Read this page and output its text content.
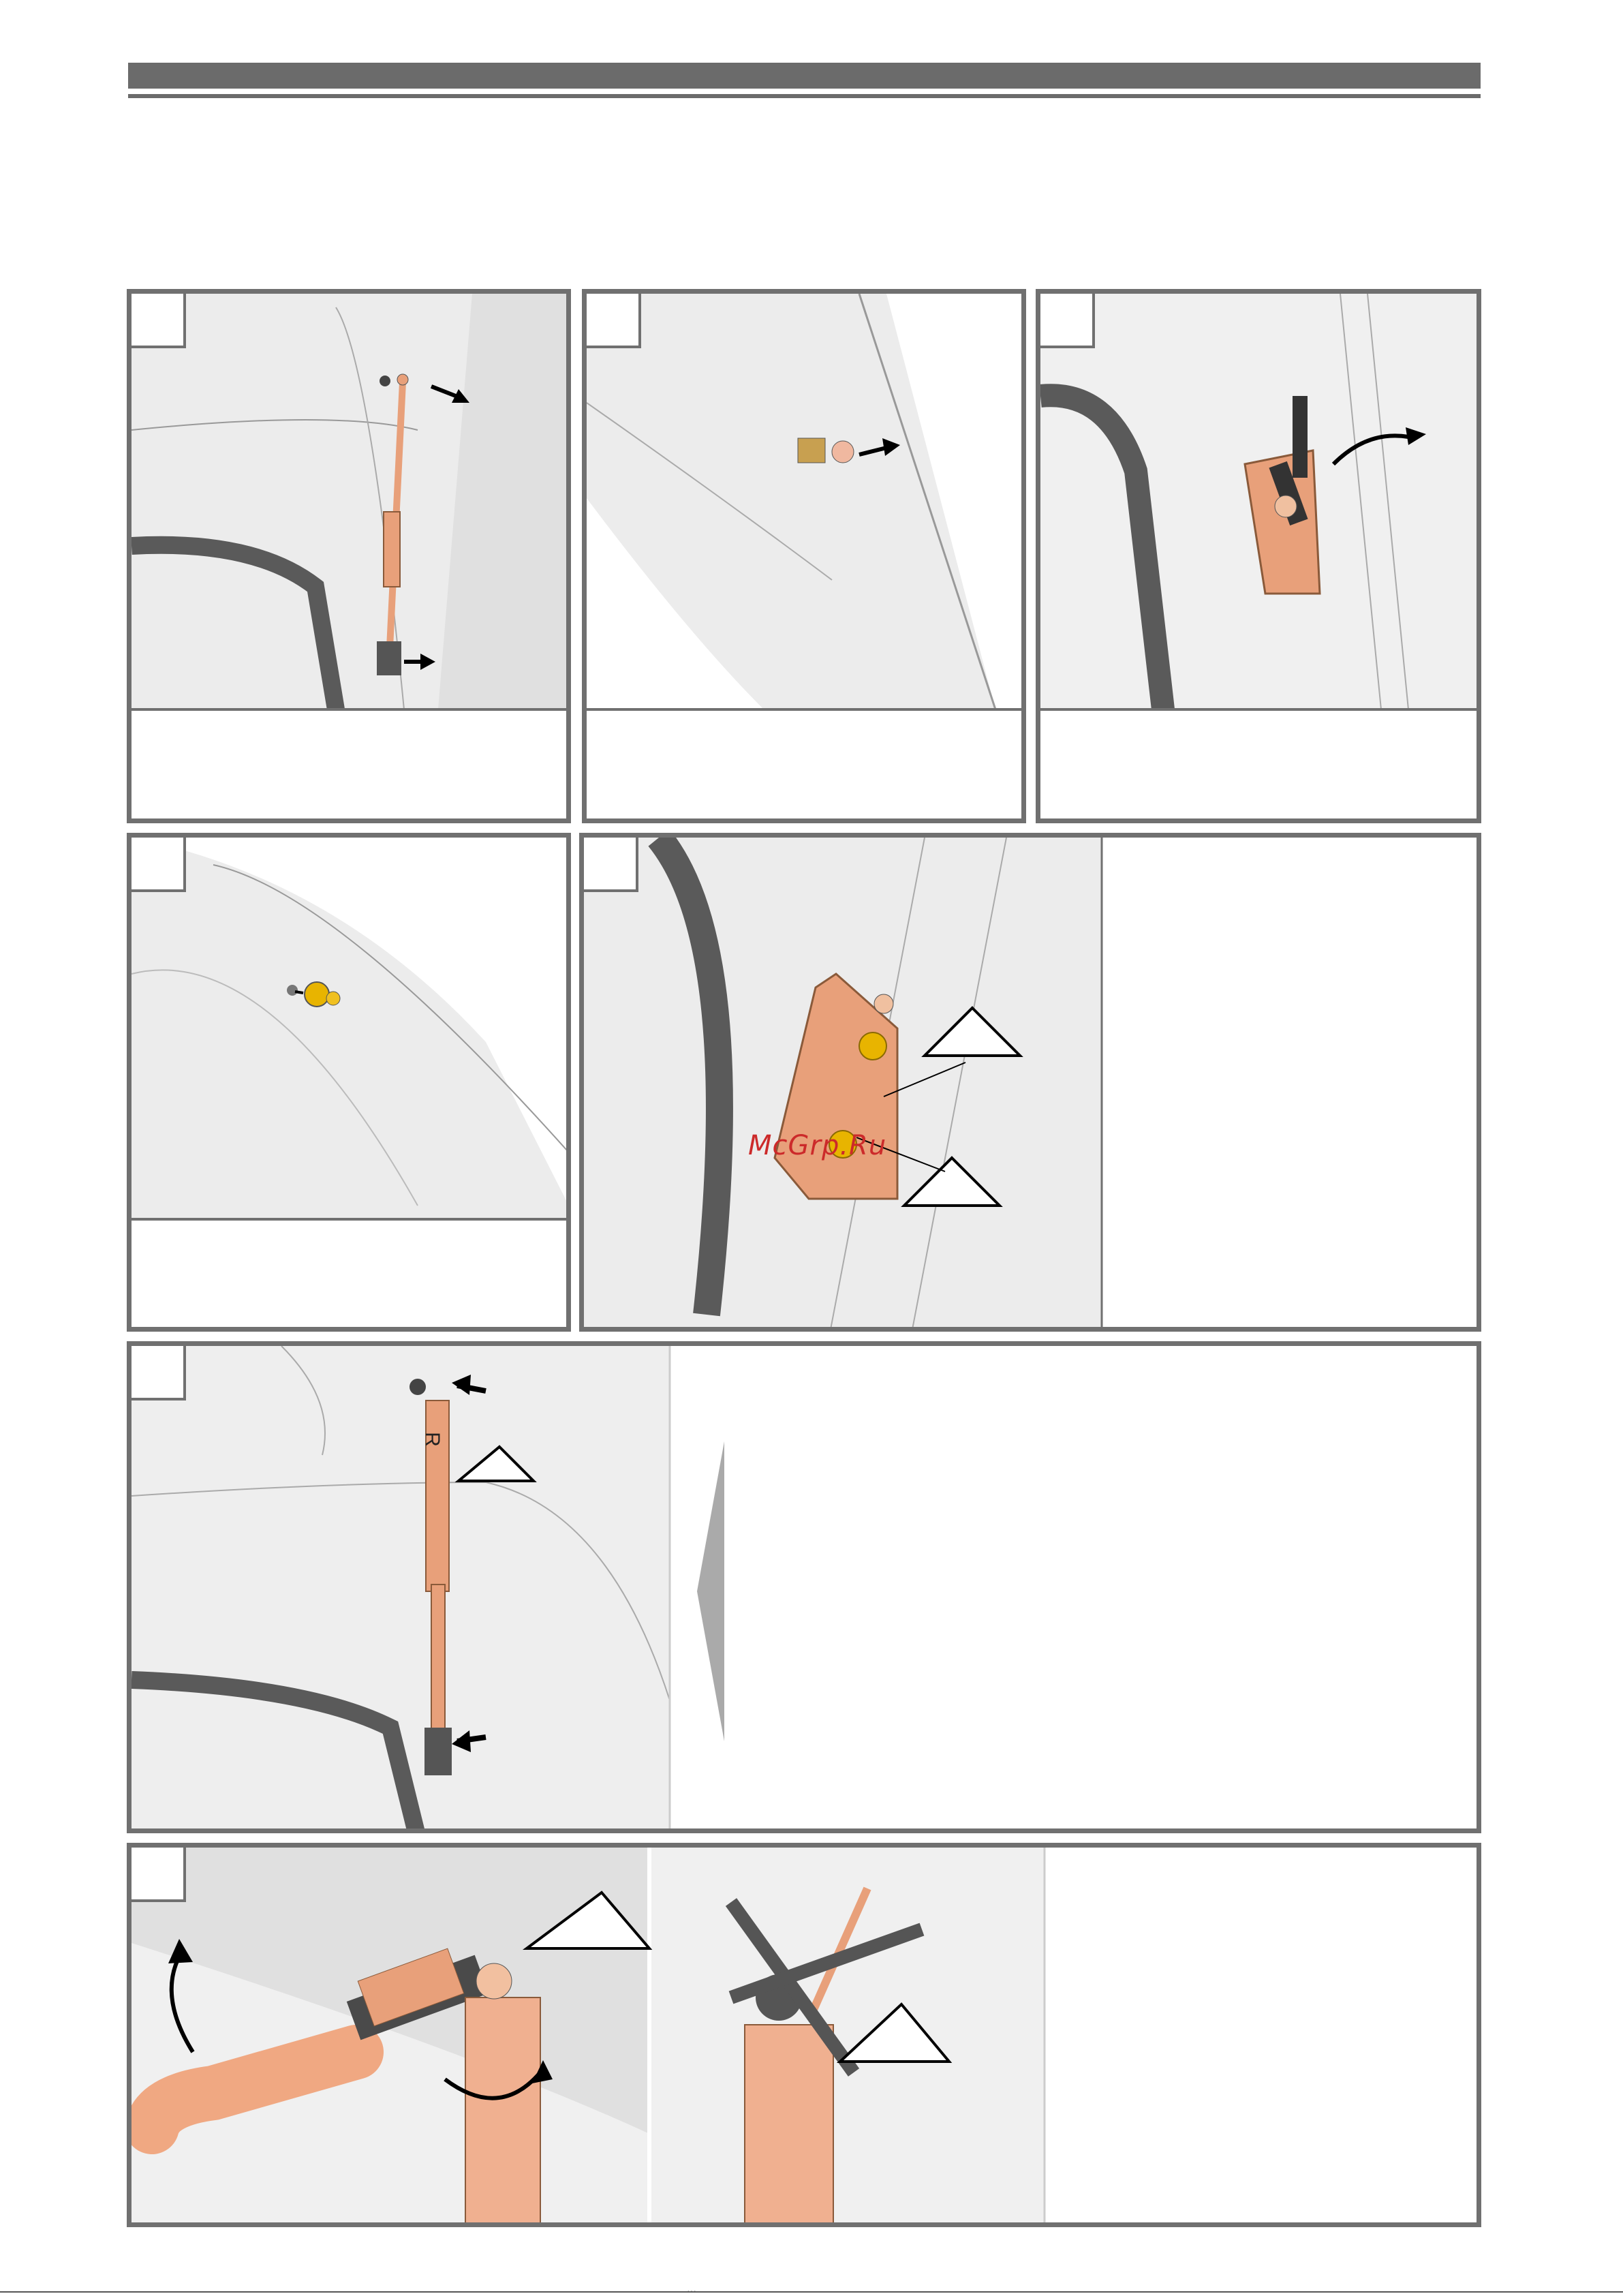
McGrp.Ru
R
···
